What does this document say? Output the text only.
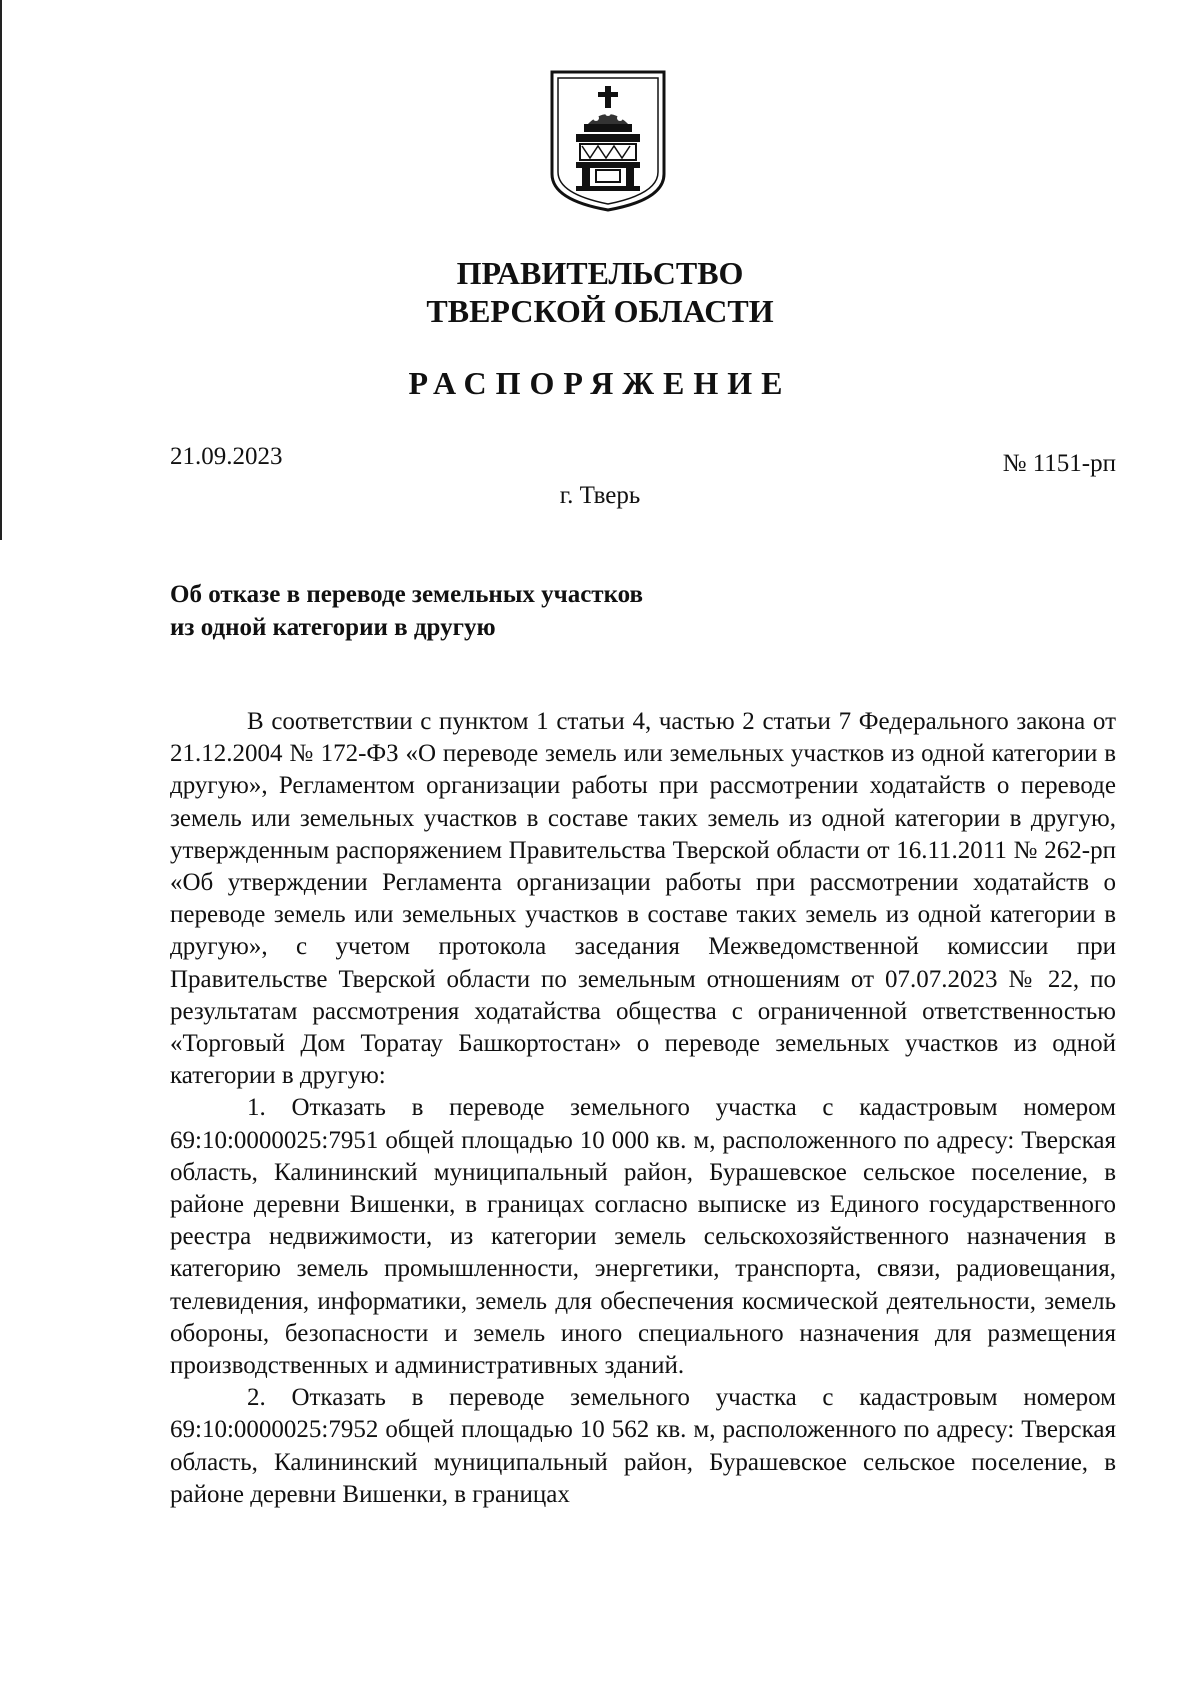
ПРАВИТЕЛЬСТВО
ТВЕРСКОЙ ОБЛАСТИ
РАСПОРЯЖЕНИЕ
21.09.2023	№ 1151-рп
г. Тверь
Об отказе в переводе земельных участков
из одной категории в другую

В соответствии с пунктом 1 статьи 4, частью 2 статьи 7 Федерального закона от 21.12.2004 № 172-ФЗ «О переводе земель или земельных участков из одной категории в другую», Регламентом организации работы при рассмотрении ходатайств о переводе земель или земельных участков в составе таких земель из одной категории в другую, утвержденным распоряжением Правительства Тверской области от 16.11.2011 № 262-рп «Об утверждении Регламента организации работы при рассмотрении ходатайств о переводе земель или земельных участков в составе таких земель из одной категории в другую», с учетом протокола заседания Межведомственной комиссии при Правительстве Тверской области по земельным отношениям от 07.07.2023 № 22, по результатам рассмотрения ходатайства общества с ограниченной ответственностью «Торговый Дом Торатау Башкортостан» о переводе земельных участков из одной категории в другую:

1. Отказать в переводе земельного участка с кадастровым номером 69:10:0000025:7951 общей площадью 10 000 кв. м, расположенного по адресу: Тверская область, Калининский муниципальный район, Бурашевское сельское поселение, в районе деревни Вишенки, в границах согласно выписке из Единого государственного реестра недвижимости, из категории земель сельскохозяйственного назначения в категорию земель промышленности, энергетики, транспорта, связи, радиовещания, телевидения, информатики, земель для обеспечения космической деятельности, земель обороны, безопасности и земель иного специального назначения для размещения производственных и административных зданий.

2. Отказать в переводе земельного участка с кадастровым номером 69:10:0000025:7952 общей площадью 10 562 кв. м, расположенного по адресу: Тверская область, Калининский муниципальный район, Бурашевское сельское поселение, в районе деревни Вишенки, в границах
